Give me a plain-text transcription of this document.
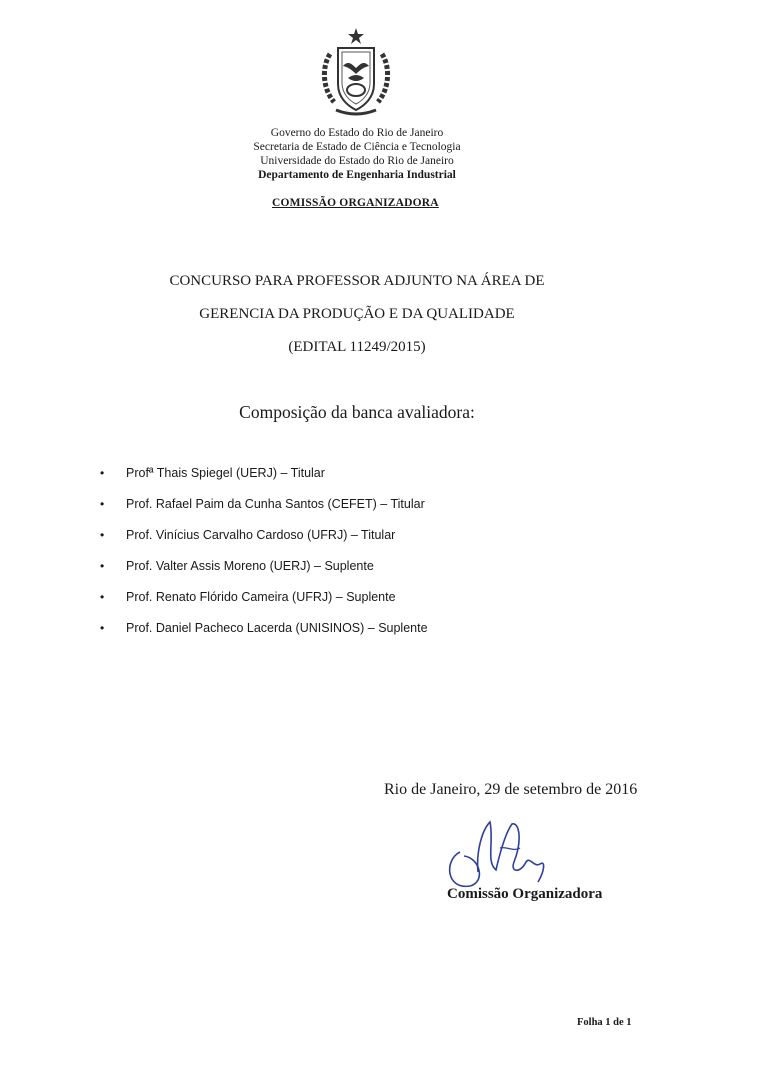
Governo do Estado do Rio de Janeiro
Secretaria de Estado de Ciência e Tecnologia
Universidade do Estado do Rio de Janeiro
Departamento de Engenharia Industrial
COMISSÃO ORGANIZADORA
CONCURSO PARA PROFESSOR ADJUNTO NA ÁREA DE
GERENCIA DA PRODUÇÃO E DA QUALIDADE
(EDITAL 11249/2015)
Composição da banca avaliadora:
• Profª Thais Spiegel (UERJ) – Titular
• Prof. Rafael Paim da Cunha Santos (CEFET) – Titular
• Prof. Vinícius Carvalho Cardoso (UFRJ) – Titular
• Prof. Valter Assis Moreno (UERJ) – Suplente
• Prof. Renato Flórido Cameira (UFRJ) – Suplente
• Prof. Daniel Pacheco Lacerda (UNISINOS) – Suplente
Rio de Janeiro, 29 de setembro de 2016
Comissão Organizadora
Folha 1 de 1
